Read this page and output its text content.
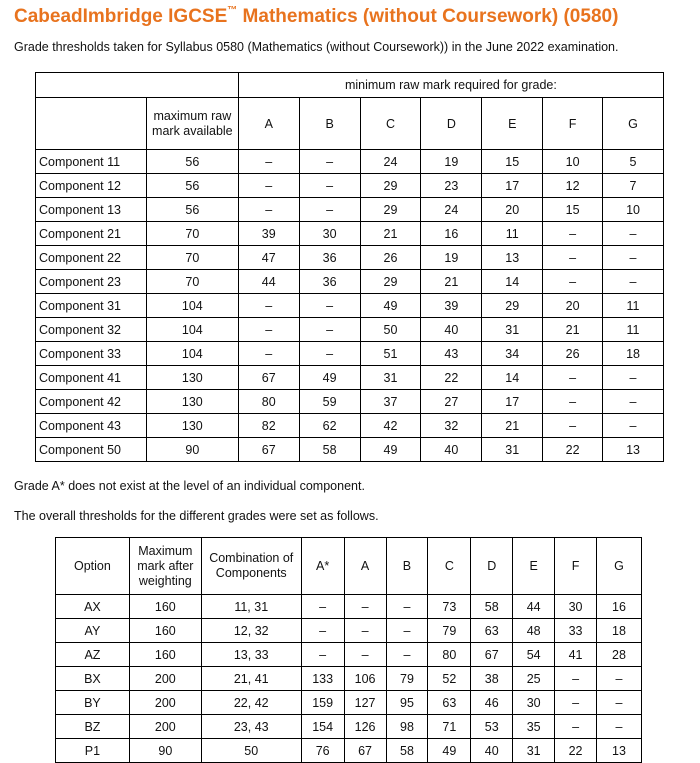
CabeadImbridge IGCSE™ Mathematics (without Coursework) (0580)
Grade thresholds taken for Syllabus 0580 (Mathematics (without Coursework)) in the June 2022 examination.
		minimum raw mark required for grade:						
	maximum raw mark available	A	B	C	D	E	F	G
Component 11	56	–	–	24	19	15	10	5
Component 12	56	–	–	29	23	17	12	7
Component 13	56	–	–	29	24	20	15	10
Component 21	70	39	30	21	16	11	–	–
Component 22	70	47	36	26	19	13	–	–
Component 23	70	44	36	29	21	14	–	–
Component 31	104	–	–	49	39	29	20	11
Component 32	104	–	–	50	40	31	21	11
Component 33	104	–	–	51	43	34	26	18
Component 41	130	67	49	31	22	14	–	–
Component 42	130	80	59	37	27	17	–	–
Component 43	130	82	62	42	32	21	–	–
Component 50	90	67	58	49	40	31	22	13
Grade A* does not exist at the level of an individual component.
The overall thresholds for the different grades were set as follows.
Option	Maximum mark after weighting	Combination of Components	A*	A	B	C	D	E	F	G
AX	160	11, 31	–	–	–	73	58	44	30	16
AY	160	12, 32	–	–	–	79	63	48	33	18
AZ	160	13, 33	–	–	–	80	67	54	41	28
BX	200	21, 41	133	106	79	52	38	25	–	–
BY	200	22, 42	159	127	95	63	46	30	–	–
BZ	200	23, 43	154	126	98	71	53	35	–	–
P1	90	50	76	67	58	49	40	31	22	13
